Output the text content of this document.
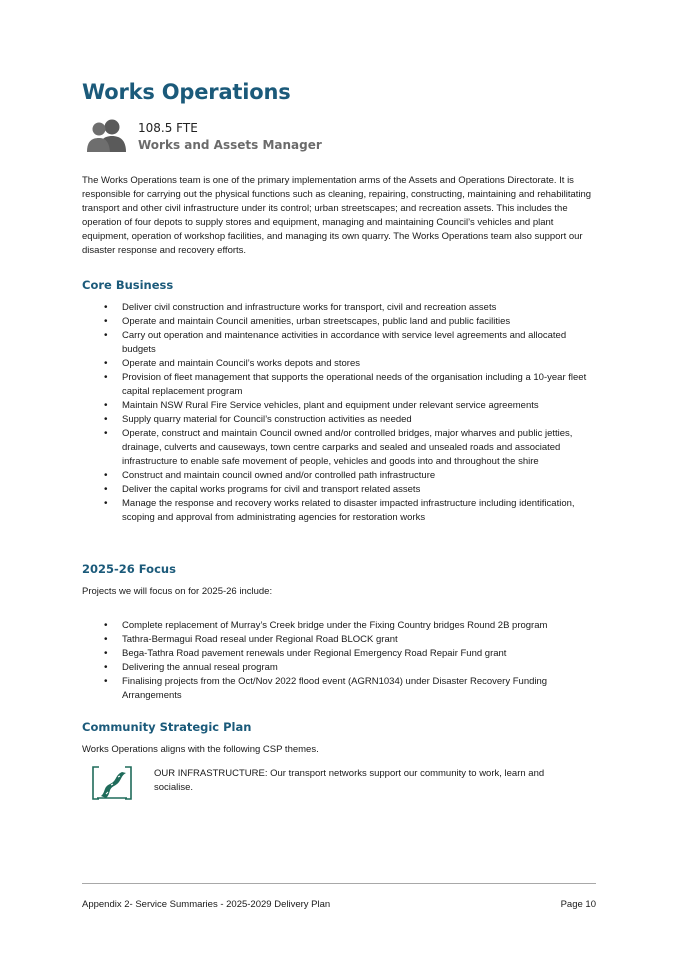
Works Operations
108.5 FTE
Works and Assets Manager

The Works Operations team is one of the primary implementation arms of the Assets and Operations Directorate. It is responsible for carrying out the physical functions such as cleaning, repairing, constructing, maintaining and rehabilitating transport and other civil infrastructure under its control; urban streetscapes; and recreation assets. This includes the operation of four depots to supply stores and equipment, managing and maintaining Council’s vehicles and plant equipment, operation of workshop facilities, and managing its own quarry. The Works Operations team also support our disaster response and recovery efforts.

Core Business
• Deliver civil construction and infrastructure works for transport, civil and recreation assets
• Operate and maintain Council amenities, urban streetscapes, public land and public facilities
• Carry out operation and maintenance activities in accordance with service level agreements and allocated budgets
• Operate and maintain Council’s works depots and stores
• Provision of fleet management that supports the operational needs of the organisation including a 10-year fleet capital replacement program
• Maintain NSW Rural Fire Service vehicles, plant and equipment under relevant service agreements
• Supply quarry material for Council’s construction activities as needed
• Operate, construct and maintain Council owned and/or controlled bridges, major wharves and public jetties, drainage, culverts and causeways, town centre carparks and sealed and unsealed roads and associated infrastructure to enable safe movement of people, vehicles and goods into and throughout the shire
• Construct and maintain council owned and/or controlled path infrastructure
• Deliver the capital works programs for civil and transport related assets
• Manage the response and recovery works related to disaster impacted infrastructure including identification, scoping and approval from administrating agencies for restoration works
2025-26 Focus

Projects we will focus on for 2025-26 include:

• Complete replacement of Murray’s Creek bridge under the Fixing Country bridges Round 2B program
• Tathra-Bermagui Road reseal under Regional Road BLOCK grant
• Bega-Tathra Road pavement renewals under Regional Emergency Road Repair Fund grant
• Delivering the annual reseal program
• Finalising projects from the Oct/Nov 2022 flood event (AGRN1034) under Disaster Recovery Funding Arrangements
Community Strategic Plan

Works Operations aligns with the following CSP themes.

OUR INFRASTRUCTURE: Our transport networks support our community to work, learn and socialise.

Appendix 2- Service Summaries - 2025-2029 Delivery Plan	Page 10
